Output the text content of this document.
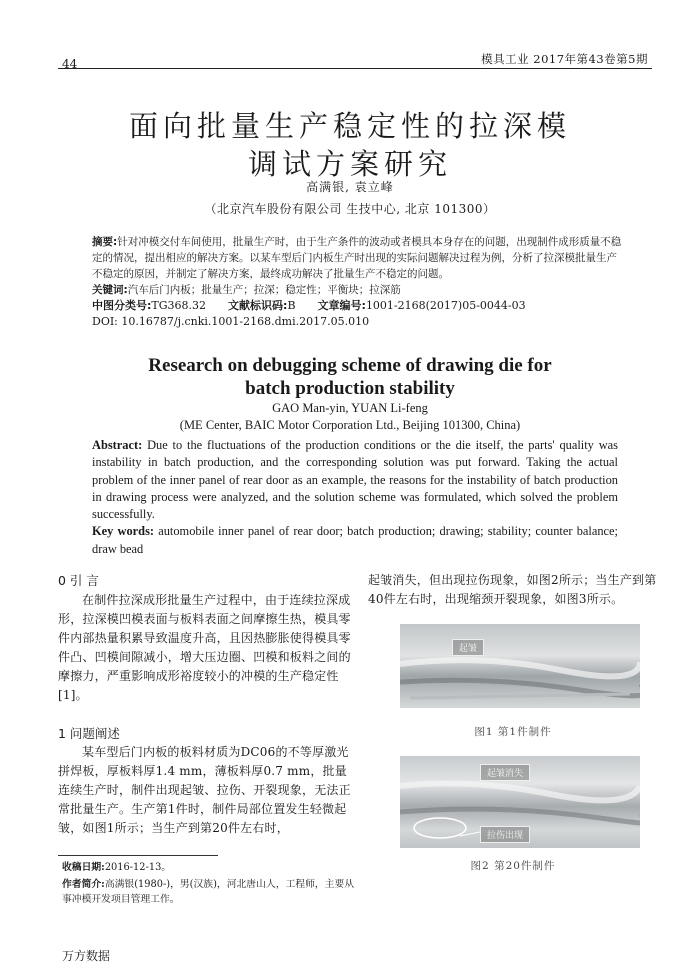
44	模具工业 2017年第43卷第5期
面向批量生产稳定性的拉深模
调试方案研究
高满银, 袁立峰
（北京汽车股份有限公司 生技中心, 北京 101300）
摘要:针对冲模交付车间使用，批量生产时，由于生产条件的波动或者模具本身存在的问题，出现制件成形质量不稳定的情况，提出相应的解决方案。以某车型后门内板生产时出现的实际问题解决过程为例，分析了拉深模批量生产不稳定的原因，并制定了解决方案，最终成功解决了批量生产不稳定的问题。
关键词:汽车后门内板；批量生产；拉深；稳定性；平衡块；拉深筋
中图分类号:TG368.32 文献标识码:B 文章编号:1001-2168(2017)05-0044-03
DOI: 10.16787/j.cnki.1001-2168.dmi.2017.05.010
Research on debugging scheme of drawing die for
batch production stability
GAO Man-yin, YUAN Li-feng
(ME Center, BAIC Motor Corporation Ltd., Beijing 101300, China)
Abstract: Due to the fluctuations of the production conditions or the die itself, the parts' quality was instability in batch production, and the corresponding solution was put forward. Taking the actual problem of the inner panel of rear door as an example, the reasons for the instability of batch production in drawing process were analyzed, and the solution scheme was formulated, which solved the problem successfully.
Key words: automobile inner panel of rear door; batch production; drawing; stability; counter balance; draw bead
0 引 言
在制件拉深成形批量生产过程中，由于连续拉深成形，拉深模凹模表面与板料表面之间摩擦生热，模具零件内部热量积累导致温度升高，且因热膨胀使得模具零件凸、凹模间隙减小，增大压边圈、凹模和板料之间的摩擦力，严重影响成形裕度较小的冲模的生产稳定性[1]。
1 问题阐述
某车型后门内板的板料材质为DC06的不等厚激光拼焊板，厚板料厚1.4 mm，薄板料厚0.7 mm，批量连续生产时，制件出现起皱、拉伤、开裂现象，无法正常批量生产。生产第1件时，制件局部位置发生轻微起皱，如图1所示；当生产到第20件左右时，
起皱消失，但出现拉伤现象，如图2所示；当生产到第40件左右时，出现缩颈开裂现象，如图3所示。
起皱
图1 第1件制件
起皱消失
拉伤出现
图2 第20件制件
收稿日期:2016-12-13。
作者简介:高满银(1980-)，男(汉族)，河北唐山人，工程师，主要从事冲模开发项目管理工作。
万方数据
